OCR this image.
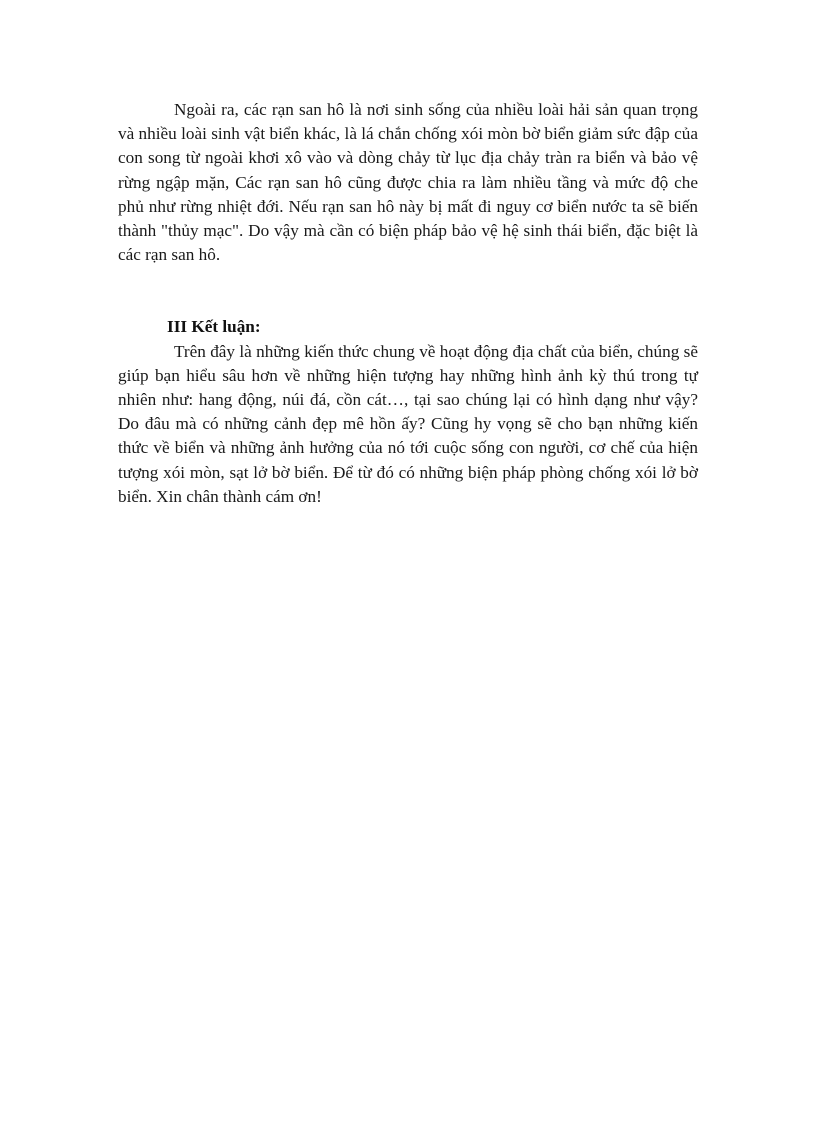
Ngoài ra, các rạn san hô là nơi sinh sống của nhiều loài hải sản quan trọng và nhiều loài sinh vật biển khác, là lá chắn chống xói mòn bờ biển giảm sức đập của con song từ ngoài khơi xô vào và dòng chảy từ lục địa chảy tràn ra biển và bảo vệ rừng ngập mặn, Các rạn san hô cũng được chia ra làm nhiều tầng và mức độ che phủ như rừng nhiệt đới. Nếu rạn san hô này bị mất đi nguy cơ biển nước ta sẽ biến thành "thủy mạc". Do vậy mà cần có biện pháp bảo vệ hệ sinh thái biển, đặc biệt là các rạn san hô.

III Kết luận:

Trên đây là những kiến thức chung về hoạt động địa chất của biển, chúng sẽ giúp bạn hiểu sâu hơn về những hiện tượng hay những hình ảnh kỳ thú trong tự nhiên như: hang động, núi đá, cồn cát…, tại sao chúng lại có hình dạng như vậy? Do đâu mà có những cảnh đẹp mê hồn ấy? Cũng hy vọng sẽ cho bạn những kiến thức về biển và những ảnh hưởng của nó tới cuộc sống con người, cơ chế của hiện tượng xói mòn, sạt lở bờ biển. Để từ đó có những biện pháp phòng chống xói lở bờ biển. Xin chân thành cám ơn!
